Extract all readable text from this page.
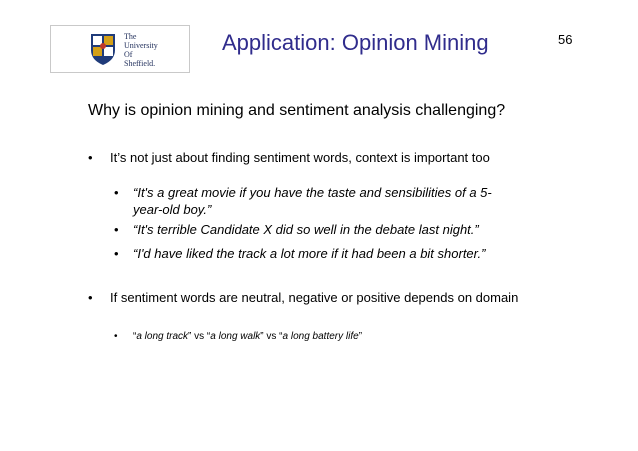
The
University
Of
Sheffield.
Application: Opinion Mining	56
Why is opinion mining and sentiment analysis challenging?
• It’s not just about finding sentiment words, context is important too
• “It's a great movie if you have the taste and sensibilities of a 5-year-old boy.”
• “It's terrible Candidate X did so well in the debate last night.”
• “I'd have liked the track a lot more if it had been a bit shorter.”
• If sentiment words are neutral, negative or positive depends on domain
• “a long track” vs “a long walk” vs “a long battery life”
